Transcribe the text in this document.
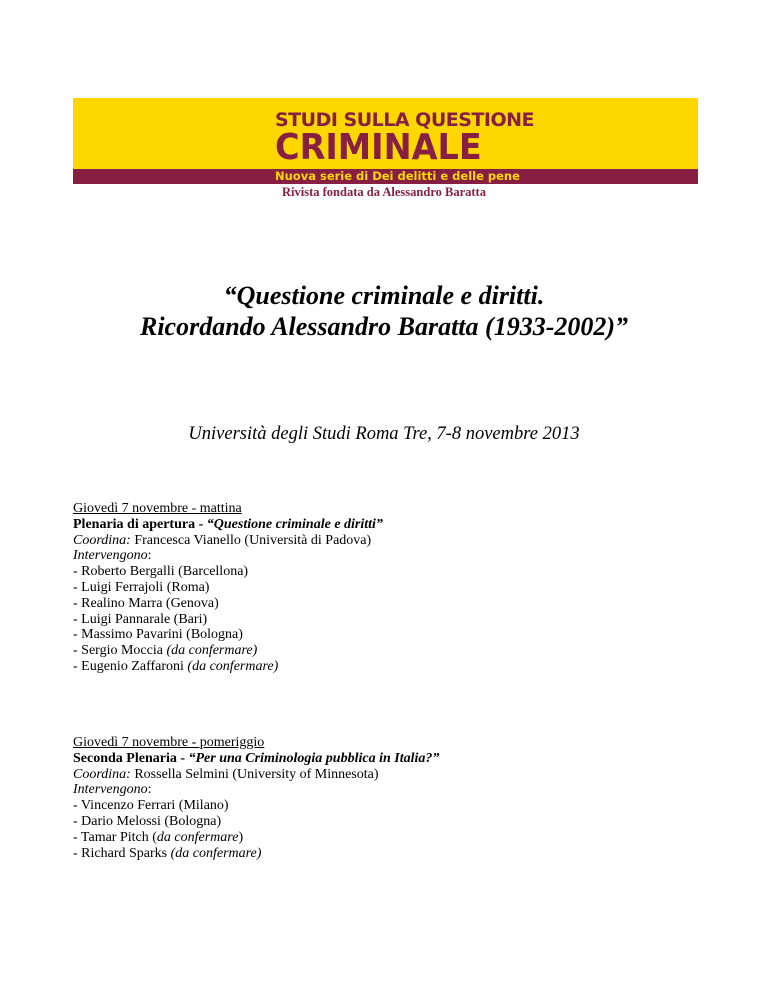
STUDI SULLA QUESTIONE
CRIMINALE
Nuova serie di Dei delitti e delle pene
Rivista fondata da Alessandro Baratta
“Questione criminale e diritti.
Ricordando Alessandro Baratta (1933-2002)”
Università degli Studi Roma Tre, 7-8 novembre 2013
Giovedì 7 novembre - mattina
Plenaria di apertura - “Questione criminale e diritti”
Coordina: Francesca Vianello (Università di Padova)
Intervengono:
- Roberto Bergalli (Barcellona)
- Luigi Ferrajoli (Roma)
- Realino Marra (Genova)
- Luigi Pannarale (Bari)
- Massimo Pavarini (Bologna)
- Sergio Moccia (da confermare)
- Eugenio Zaffaroni (da confermare)
Giovedì 7 novembre - pomeriggio
Seconda Plenaria - “Per una Criminologia pubblica in Italia?”
Coordina: Rossella Selmini (University of Minnesota)
Intervengono:
- Vincenzo Ferrari (Milano)
- Dario Melossi (Bologna)
- Tamar Pitch (da confermare)
- Richard Sparks (da confermare)
